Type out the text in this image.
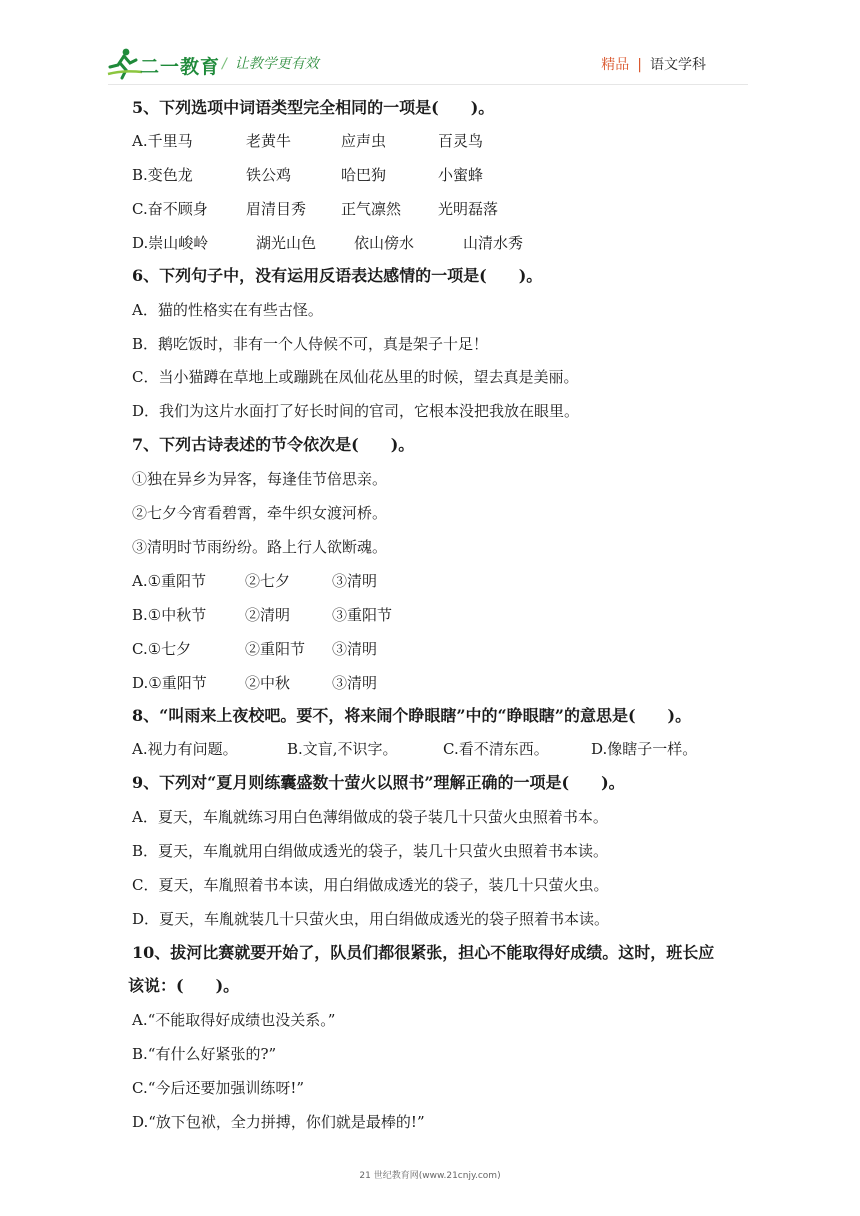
二一教育 / 让教学更有效	精品 | 语文学科
5、下列选项中词语类型完全相同的一项是(　　)。
A.千里马	老黄牛	应声虫	百灵鸟
B.变色龙	铁公鸡	哈巴狗	小蜜蜂
C.奋不顾身	眉清目秀 正气凛然 光明磊落
D.崇山峻岭	湖光山色	依山傍水	山清水秀
6、下列句子中，没有运用反语表达感情的一项是(　　)。
A．猫的性格实在有些古怪。
B．鹅吃饭时，非有一个人侍候不可，真是架子十足！
C．当小猫蹲在草地上或蹦跳在凤仙花丛里的时候，望去真是美丽。
D．我们为这片水面打了好长时间的官司，它根本没把我放在眼里。
7、下列古诗表述的节令依次是(　　)。
①独在异乡为异客，每逢佳节倍思亲。
②七夕今宵看碧霄，牵牛织女渡河桥。
③清明时节雨纷纷。路上行人欲断魂。
A.①重阳节	②七夕	③清明
B.①中秋节	②清明	③重阳节
C.①七夕	②重阳节 ③清明
D.①重阳节	②中秋	③清明
8、“叫雨来上夜校吧。要不，将来闹个睁眼瞎”中的“睁眼瞎”的意思是(　　)。
A.视力有问题。	B.文盲,不识字。	C.看不清东西。	D.像瞎子一样。
9、下列对“夏月则练囊盛数十萤火以照书”理解正确的一项是(　　)。
A．夏天，车胤就练习用白色薄绢做成的袋子装几十只萤火虫照着书本。
B．夏天，车胤就用白绢做成透光的袋子，装几十只萤火虫照着书本读。
C．夏天，车胤照着书本读，用白绢做成透光的袋子，装几十只萤火虫。
D．夏天，车胤就装几十只萤火虫，用白绢做成透光的袋子照着书本读。
10、拔河比赛就要开始了，队员们都很紧张，担心不能取得好成绩。这时，班长应
该说：(　　)。
A.“不能取得好成绩也没关系。”
B.“有什么好紧张的?”
C.“今后还要加强训练呀!”
D.“放下包袱，全力拼搏，你们就是最棒的!”
21 世纪教育网(www.21cnjy.com)
